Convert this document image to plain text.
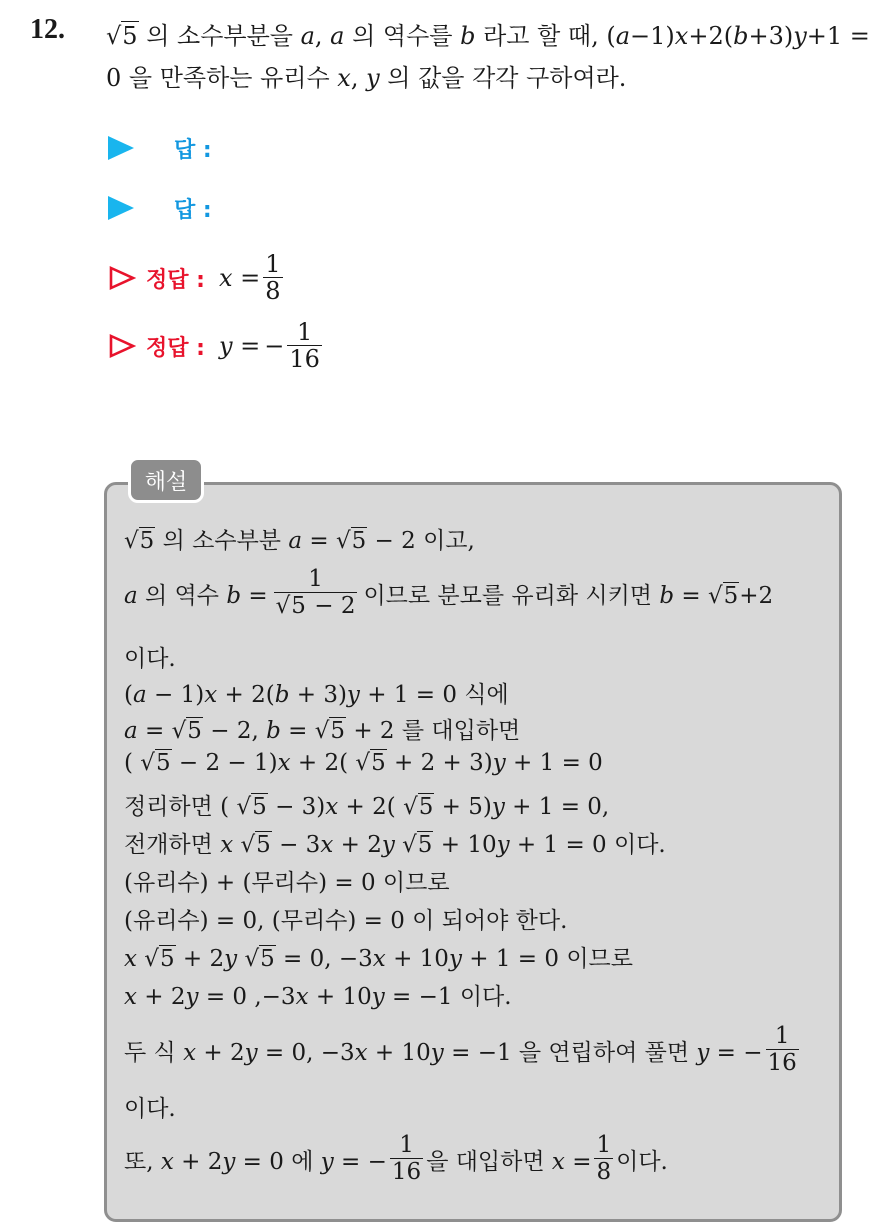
12. √5 의 소수부분을 a, a 의 역수를 b 라고 할 때, (a−1)x+2(b+3)y+1 =
0 을 만족하는 유리수 x, y 의 값을 각각 구하여라.
답 :
답 :
정답 : $x = \frac{1}{8}$
정답 : y = − $\frac{1}{16}$
해설
√5 의 소수부분 a = √5 − 2 이고,
a 의 역수 $b = \frac{1}{√5 - 2}$ 이므로 분모를 유리화 시키면 b = √5+2
이다.
(a − 1)x + 2(b + 3)y + 1 = 0 식에
a = √5 − 2, b = √5 + 2 를 대입하면
( √5 − 2 − 1)x + 2( √5 + 2 + 3)y + 1 = 0
정리하면 ( √5 − 3)x + 2( √5 + 5)y + 1 = 0,
전개하면 x √5 − 3x + 2y √5 + 10y + 1 = 0 이다.
(유리수) + (무리수) = 0 이므로
(유리수) = 0, (무리수) = 0 이 되어야 한다.
x √5 + 2y √5 = 0, −3x + 10y + 1 = 0 이므로
x + 2y = 0 ,−3x + 10y = −1 이다.
두 식 x + 2y = 0, −3x + 10y = −1 을 연립하여 풀면 y = − $\frac{1}{16}$
이다.
또, x + 2y = 0 에 y = − $\frac{1}{16}$ 을 대입하면 $x = \frac{1}{8}$ 이다.
